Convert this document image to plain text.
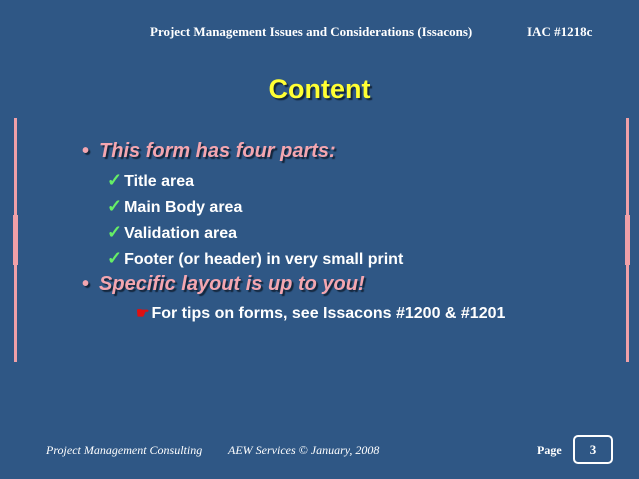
Project Management Issues and Considerations (Issacons)	IAC #1218c
Content
• This form has four parts:
✓ Title area
✓ Main Body area
✓ Validation area
✓ Footer (or header) in very small print
• Specific layout is up to you!
☛ For tips on forms, see Issacons #1200 & #1201
Project Management Consulting AEW Services © January, 2008	Page	3
